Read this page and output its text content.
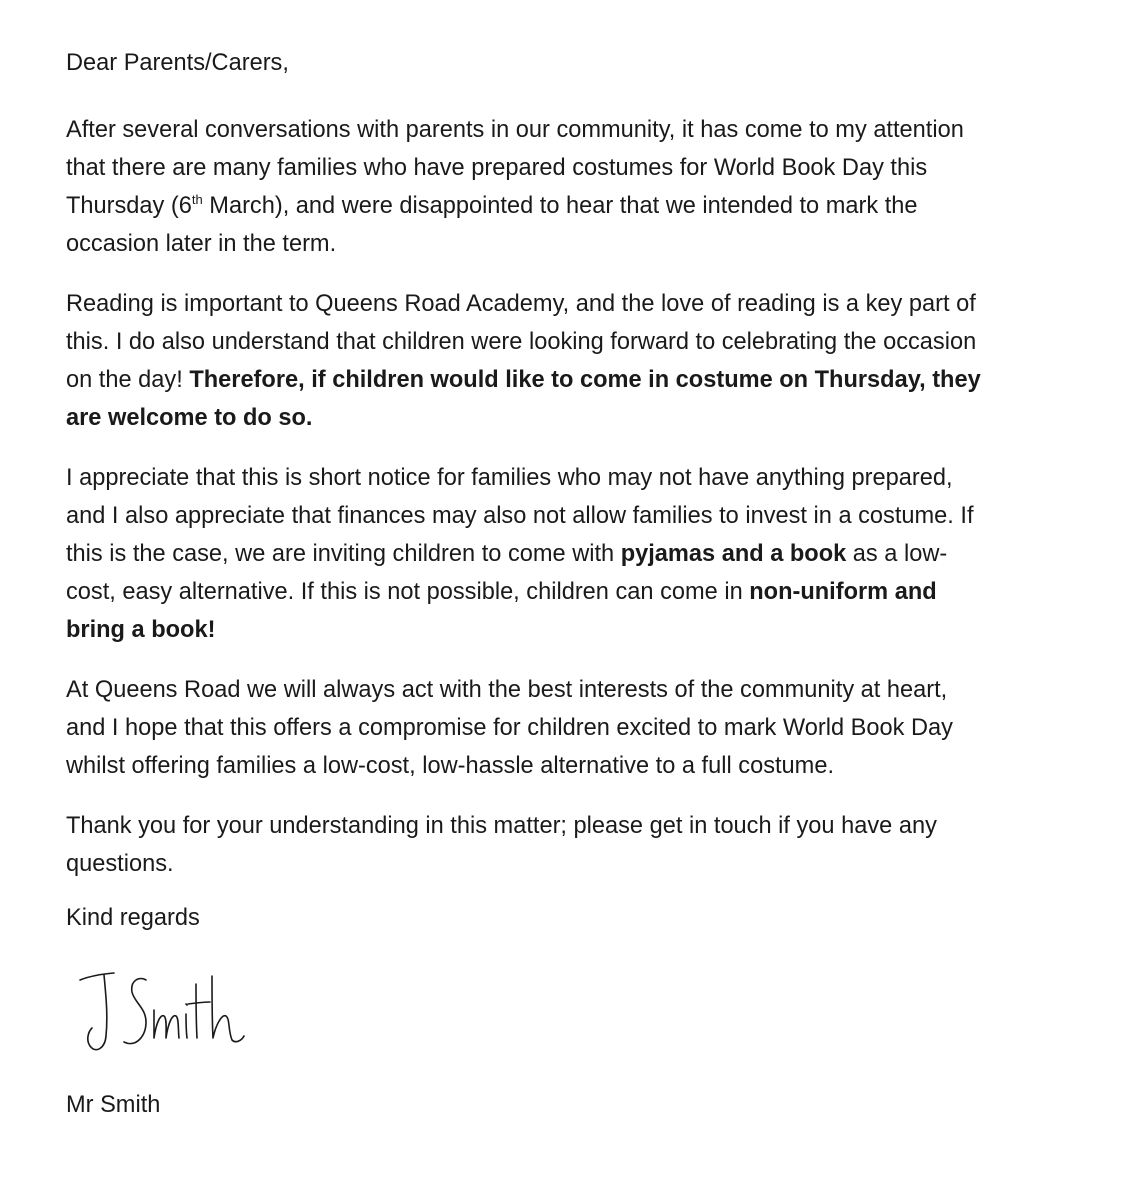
Dear Parents/Carers,

After several conversations with parents in our community, it has come to my attention
that there are many families who have prepared costumes for World Book Day this
Thursday (6th March), and were disappointed to hear that we intended to mark the
occasion later in the term.

Reading is important to Queens Road Academy, and the love of reading is a key part of
this. I do also understand that children were looking forward to celebrating the occasion
on the day! Therefore, if children would like to come in costume on Thursday, they
are welcome to do so.

I appreciate that this is short notice for families who may not have anything prepared,
and I also appreciate that finances may also not allow families to invest in a costume. If
this is the case, we are inviting children to come with pyjamas and a book as a low-
cost, easy alternative. If this is not possible, children can come in non-uniform and
bring a book!

At Queens Road we will always act with the best interests of the community at heart,
and I hope that this offers a compromise for children excited to mark World Book Day
whilst offering families a low-cost, low-hassle alternative to a full costume.

Thank you for your understanding in this matter; please get in touch if you have any
questions.

Kind regards

Mr Smith
